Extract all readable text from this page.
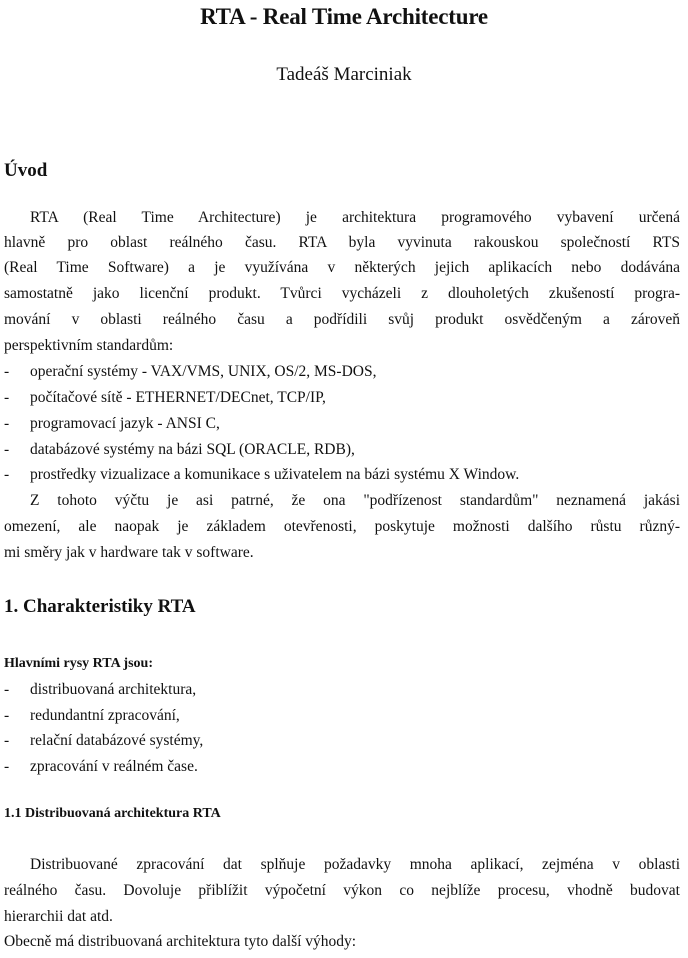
RTA - Real Time Architecture
Tadeáš Marciniak
Úvod
RTA (Real Time Architecture) je architektura programového vybavení určená
hlavně pro oblast reálného času. RTA byla vyvinuta rakouskou společností RTS
(Real Time Software) a je využívána v některých jejich aplikacích nebo dodávána
samostatně jako licenční produkt. Tvůrci vycházeli z dlouholetých zkušeností progra-
mování v oblasti reálného času a podřídili svůj produkt osvědčeným a zároveň
perspektivním standardům:
- operační systémy - VAX/VMS, UNIX, OS/2, MS-DOS,
- počítačové sítě - ETHERNET/DECnet, TCP/IP,
- programovací jazyk - ANSI C,
- databázové systémy na bázi SQL (ORACLE, RDB),
- prostředky vizualizace a komunikace s uživatelem na bázi systému X Window.
Z tohoto výčtu je asi patrné, že ona "podřízenost standardům" neznamená jakási
omezení, ale naopak je základem otevřenosti, poskytuje možnosti dalšího růstu různý-
mi směry jak v hardware tak v software.
1. Charakteristiky RTA
Hlavními rysy RTA jsou:
- distribuovaná architektura,
- redundantní zpracování,
- relační databázové systémy,
- zpracování v reálném čase.
1.1 Distribuovaná architektura RTA
Distribuované zpracování dat splňuje požadavky mnoha aplikací, zejména v oblasti
reálného času. Dovoluje přiblížit výpočetní výkon co nejblíže procesu, vhodně budovat
hierarchii dat atd.
Obecně má distribuovaná architektura tyto další výhody:
